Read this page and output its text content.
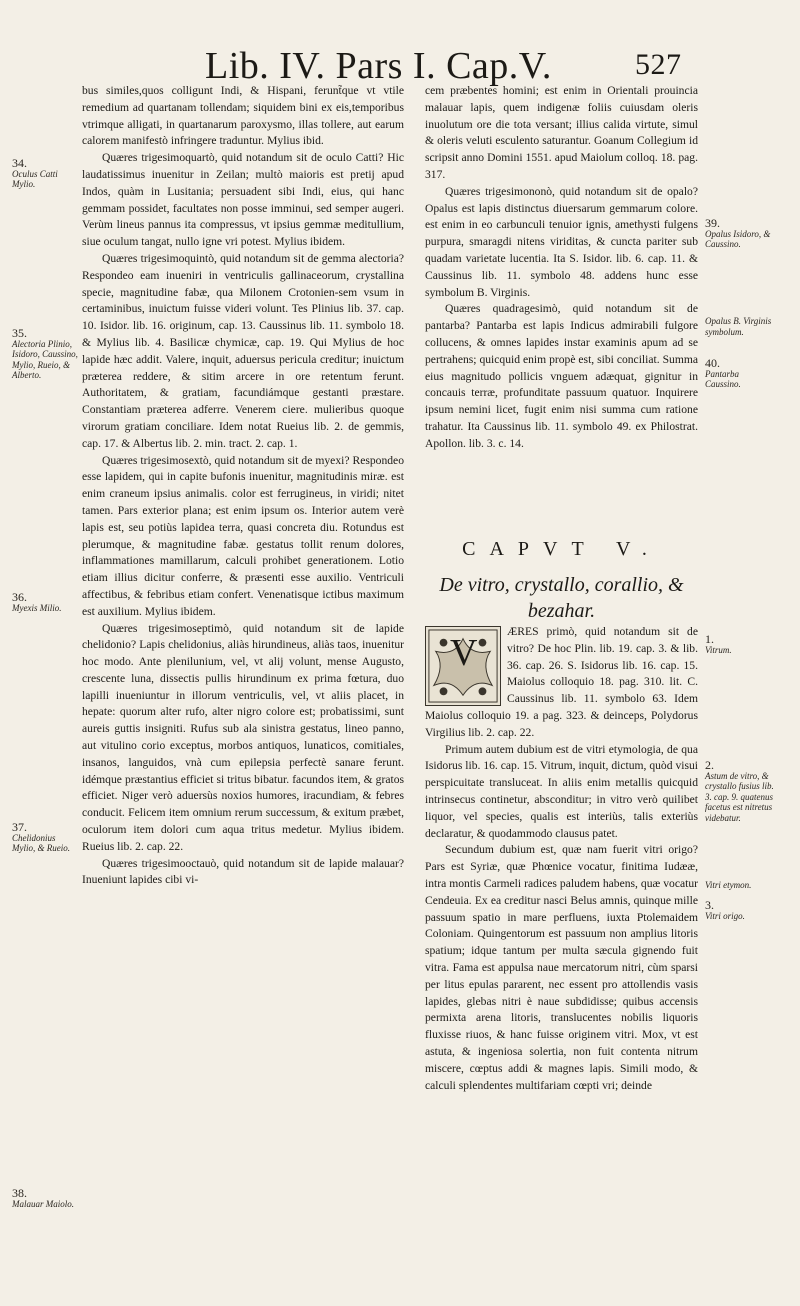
Lib. IV. Pars I. Cap.V.	527

bus similes,quos colligunt Indi, & Hispani, ferunt̃que vt vtile remedium ad quartanam tollendam; siquidem bini ex eis,temporibus vtrimque alligati, in quartanarum paroxysmo, illas tollere, aut earum calorem manifestò infringere traduntur. Mylius ibid.

Quæres trigesimoquartò, quid notandum sit de oculo Catti? Hic laudatissimus inuenitur in Zeilan; multò maioris est pretij apud Indos, quàm in Lusitania; persuadent sibi Indi, eius, qui hanc gemmam possidet, facultates non posse imminui, sed semper augeri. Verùm lineus pannus ita compressus, vt ipsius gemmæ meditullium, siue oculum tangat, nullo igne vri potest. Mylius ibidem.

Quæres trigesimoquintò, quid notandum sit de gemma alectoria? Respondeo eam inueniri in ventriculis gallinaceorum, crystallina specie, magnitudine fabæ, qua Milonem Crotonien-sem vsum in certaminibus, inuictum fuisse videri volunt. Tes Plinius lib. 37. cap. 10. Isidor. lib. 16. originum, cap. 13. Caussinus lib. 11. symbolo 18. & Mylius lib. 4. Basilicæ chymicæ, cap. 19. Qui Mylius de hoc lapide hæc addit. Valere, inquit, aduersus pericula creditur; inuictum præterea reddere, & sitim arcere in ore retentum ferunt. Authoritatem, & gratiam, facundiámque gestanti præstare. Constantiam præterea adferre. Venerem ciere. mulieribus quoque virorum gratiam conciliare. Idem notat Rueius lib. 2. de gemmis, cap. 17. & Albertus lib. 2. min. tract. 2. cap. 1.

Quæres trigesimosextò, quid notandum sit de myexi? Respondeo esse lapidem, qui in capite bufonis inuenitur, magnitudinis miræ. est enim craneum ipsius animalis. color est ferrugineus, in viridi; nitet tamen. Pars exterior plana; est enim ipsum os. Interior autem verè lapis est, seu potiùs lapidea terra, quasi concreta diu. Rotundus est plerumque, & magnitudine fabæ. gestatus tollit renum dolores, inflammationes mamillarum, calculi prohibet generationem. Lotio etiam illius dicitur conferre, & præsenti esse auxilio. Ventriculi affectibus, & febribus etiam confert. Venenatisque ictibus maximum est auxilium. Mylius ibidem.

Quæres trigesimoseptimò, quid notandum sit de lapide chelidonio? Lapis chelidonius, aliàs hirundineus, aliàs taos, inuenitur hoc modo. Ante plenilunium, vel, vt alij volunt, mense Augusto, crescente luna, dissectis pullis hirundinum ex prima fœtura, duo lapilli inueniuntur in illorum ventriculis, vel, vt aliis placet, in hepate: quorum alter rufo, alter nigro colore est; probatissimi, sunt aureis guttis insigniti. Rufus sub ala sinistra gestatus, lineo panno, aut vitulino corio exceptus, morbos antiquos, lunaticos, comitiales, insanos, languidos, vnà cum epilepsia perfectè sanare ferunt. idémque præstantius efficiet si tritus bibatur. facundos item, & gratos efficiet. Niger verò aduersùs noxios humores, iracundiam, & febres conducit. Felicem item omnium rerum successum, & exitum præbet, oculorum item dolori cum aqua tritus medetur. Mylius ibidem. Rueius lib. 2. cap. 22.

Quæres trigesimooctauò, quid notandum sit de lapide malauar? Inueniunt lapides cibi vi-

34.
Oculus Catti Mylio.
35.
Alectoria Plinio, Isidoro, Caussino, Mylio, Rueio, & Alberto.
36.
Myexis Milio.
37.
Chelidonius Mylio, & Rueio.
38.
Malauar Maiolo.

cem præbentes homini; est enim in Orientali prouincia malauar lapis, quem indigenæ foliis cuiusdam oleris inuolutum ore die tota versant; illius calida virtute, simul & oleris veluti esculento saturantur. Goanum Collegium id scripsit anno Domini 1551. apud Maiolum colloq. 18. pag. 317.

Quæres trigesimononò, quid notandum sit de opalo? Opalus est lapis distinctus diuersarum gemmarum colore. est enim in eo carbunculi tenuior ignis, amethysti fulgens purpura, smaragdi nitens viriditas, & cunctа pariter sub quadam varietate lucentia. Ita S. Isidor. lib. 6. cap. 11. & Caussinus lib. 11. symbolo 48. addens hunc esse symbolum B. Virginis.

Quæres quadragesimò, quid notandum sit de pantarba? Pantarba est lapis Indicus admirabili fulgore collucens, & omnes lapides instar examinis apum ad se pertrahens; quicquid enim propè est, sibi conciliat. Summa eius magnitudo pollicis vnguem adæquat, gignitur in concauis terræ, profunditate passuum quatuor. Inquirere ipsum nemini licet, fugit enim nisi summa cum ratione trahatur. Ita Caussinus lib. 11. symbolo 49. ex Philostrat. Apollon. lib. 3. c. 14.

39.
Opalus Isidoro, & Caussino.
Opalus B. Virginis symbolum.
40.
Pantarba Caussino.
1.
Vitrum.
2.
Astum de vitro, & crystallo fusius lib. 3. cap. 9. quatenus facetus est nitretus videbatur.
Vitri etymon.
3.
Vitri origo.
CAPVT V.
De vitro, crystallo, corallio, & bezahar.
V

ÆRES primò, quid notandum sit de vitro? De hoc Plin. lib. 19. cap. 3. & lib. 36. cap. 26. S. Isidorus lib. 16. cap. 15. Maiolus colloquio 18. pag. 310. lit. C. Caussinus lib. 11. symbolo 63. Idem Maiolus colloquio 19. a pag. 323. & deinceps, Polydorus Virgilius lib. 2. cap. 22.

Primum autem dubium est de vitri etymologia, de qua Isidorus lib. 16. cap. 15. Vitrum, inquit, dictum, quòd visui perspicuitate transluceat. In aliis enim metallis quicquid intrinsecus continetur, absconditur; in vitro verò quilibet liquor, vel species, qualis est interiùs, talis exteriùs declaratur, & quodammodo clausus patet.

Secundum dubium est, quæ nam fuerit vitri origo? Pars est Syriæ, quæ Phœnice vocatur, finitima Iudææ, intra montis Carmeli radices paludem habens, quæ vocatur Cendeuia. Ex ea creditur nasci Belus amnis, quinque mille passuum spatio in mare perfluens, iuxta Ptolemaidem Coloniam. Quingentorum est passuum non amplius litoris spatium; idque tantum per multa sæcula gignendo fuit vitra. Fama est appulsa naue mercatorum nitri, cùm sparsi per litus epulas pararent, nec essent pro attollendis vasis lapides, glebas nitri è naue subdidisse; quibus accensis permixta arena litoris, translucentes nobilis liquoris fluxisse riuos, & hanc fuisse originem vitri. Mox, vt est astuta, & ingeniosa solertia, non fuit contenta nitrum miscere, cœptus addi & magnes lapis. Simili modo, & calculi splendentes multifariam cœpti vri; deinde
